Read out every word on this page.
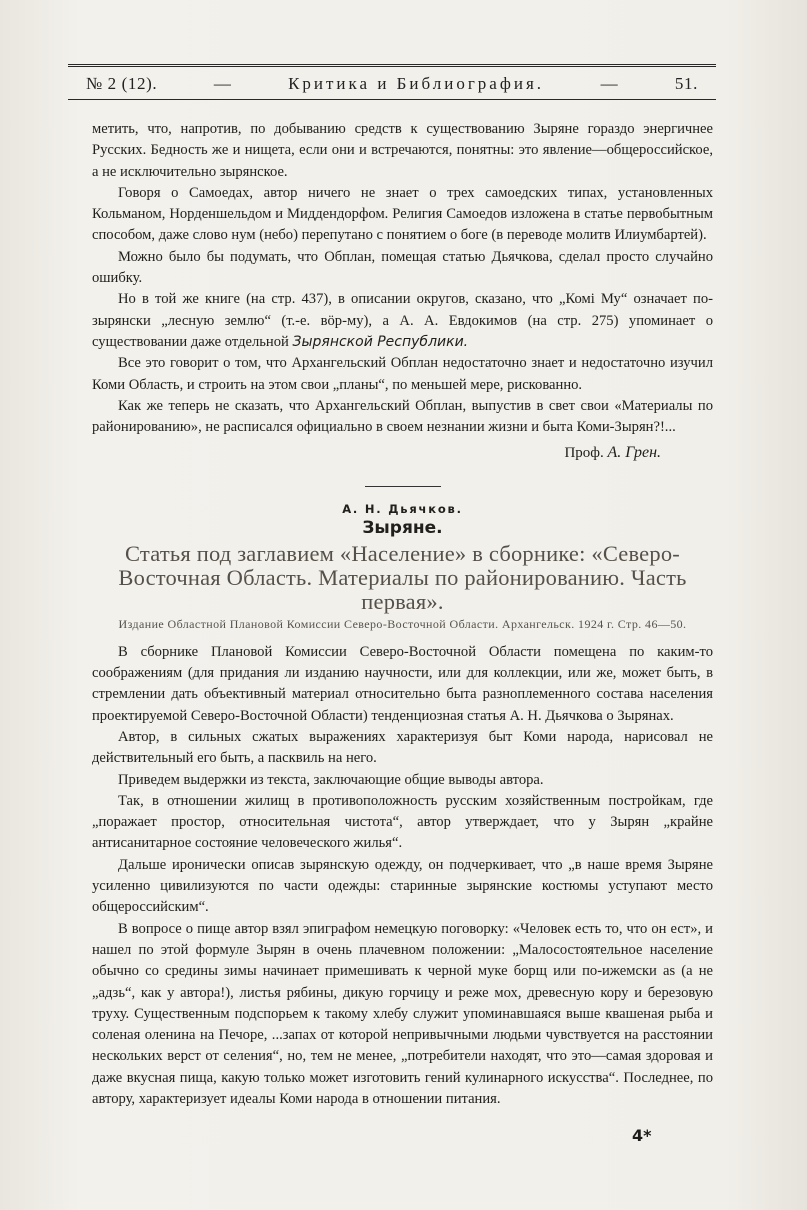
№ 2 (12).	—	Критика и Библиография.	—	51.

метить, что, напротив, по добыванию средств к существованию Зыряне гораздо энергичнее Русских. Бедность же и нищета, если они и встречаются, понятны: это явление—общероссийское, а не исключительно зырянское.

Говоря о Самоедах, автор ничего не знает о трех самоедских типах, установленных Кольманом, Норденшельдом и Миддендорфом. Религия Самоедов изложена в статье первобытным способом, даже слово нум (небо) перепутано с понятием о боге (в переводе молитв Илиумбартей).

Можно было бы подумать, что Обплан, помещая статью Дьячкова, сделал просто случайно ошибку.

Но в той же книге (на стр. 437), в описании округов, сказано, что „Комі Му“ означает по-зырянски „лесную землю“ (т.-е. вӧр-му), а А. А. Евдокимов (на стр. 275) упоминает о существовании даже отдельной Зырянской Республики.

Все это говорит о том, что Архангельский Обплан недостаточно знает и недостаточно изучил Коми Область, и строить на этом свои „планы“, по меньшей мере, рискованно.

Как же теперь не сказать, что Архангельский Обплан, выпустив в свет свои «Материалы по районированию», не расписался официально в своем незнании жизни и быта Коми-Зырян?!...

Проф. А. Грен.
А. Н. Дьячков.
Зыряне.
Статья под заглавием «Население» в сборнике: «Северо-Восточная Область. Материалы по районированию. Часть первая».
Издание Областной Плановой Комиссии Северо-Восточной Области. Архангельск. 1924 г. Стр. 46—50.

В сборнике Плановой Комиссии Северо-Восточной Области помещена по каким-то соображениям (для придания ли изданию научности, или для коллекции, или же, может быть, в стремлении дать объективный материал относительно быта разноплеменного состава населения проектируемой Северо-Восточной Области) тенденциозная статья А. Н. Дьячкова о Зырянах.

Автор, в сильных сжатых выражениях характеризуя быт Коми народа, нарисовал не действительный его быть, а пасквиль на него.

Приведем выдержки из текста, заключающие общие выводы автора.

Так, в отношении жилищ в противоположность русским хозяйственным постройкам, где „поражает простор, относительная чистота“, автор утверждает, что у Зырян „крайне антисанитарное состояние человеческого жилья“.

Дальше иронически описав зырянскую одежду, он подчеркивает, что „в наше время Зыряне усиленно цивилизуются по части одежды: старинные зырянские костюмы уступают место общероссийским“.

В вопросе о пище автор взял эпиграфом немецкую поговорку: «Человек есть то, что он ест», и нашел по этой формуле Зырян в очень плачевном положении: „Малосостоятельное население обычно со средины зимы начинает примешивать к черной муке борщ или по-ижемски аѕ (а не „адзь“, как у автора!), листья рябины, дикую горчицу и реже мох, древесную кору и березовую труху. Существенным подспорьем к такому хлебу служит упоминавшаяся выше квашеная рыба и соленая оленина на Печоре, ...запах от которой непривычными людьми чувствуется на расстоянии нескольких верст от селения“, но, тем не менее, „потребители находят, что это—самая здоровая и даже вкусная пища, какую только может изготовить гений кулинарного искусства“. Последнее, по автору, характеризует идеалы Коми народа в отношении питания.

4*
